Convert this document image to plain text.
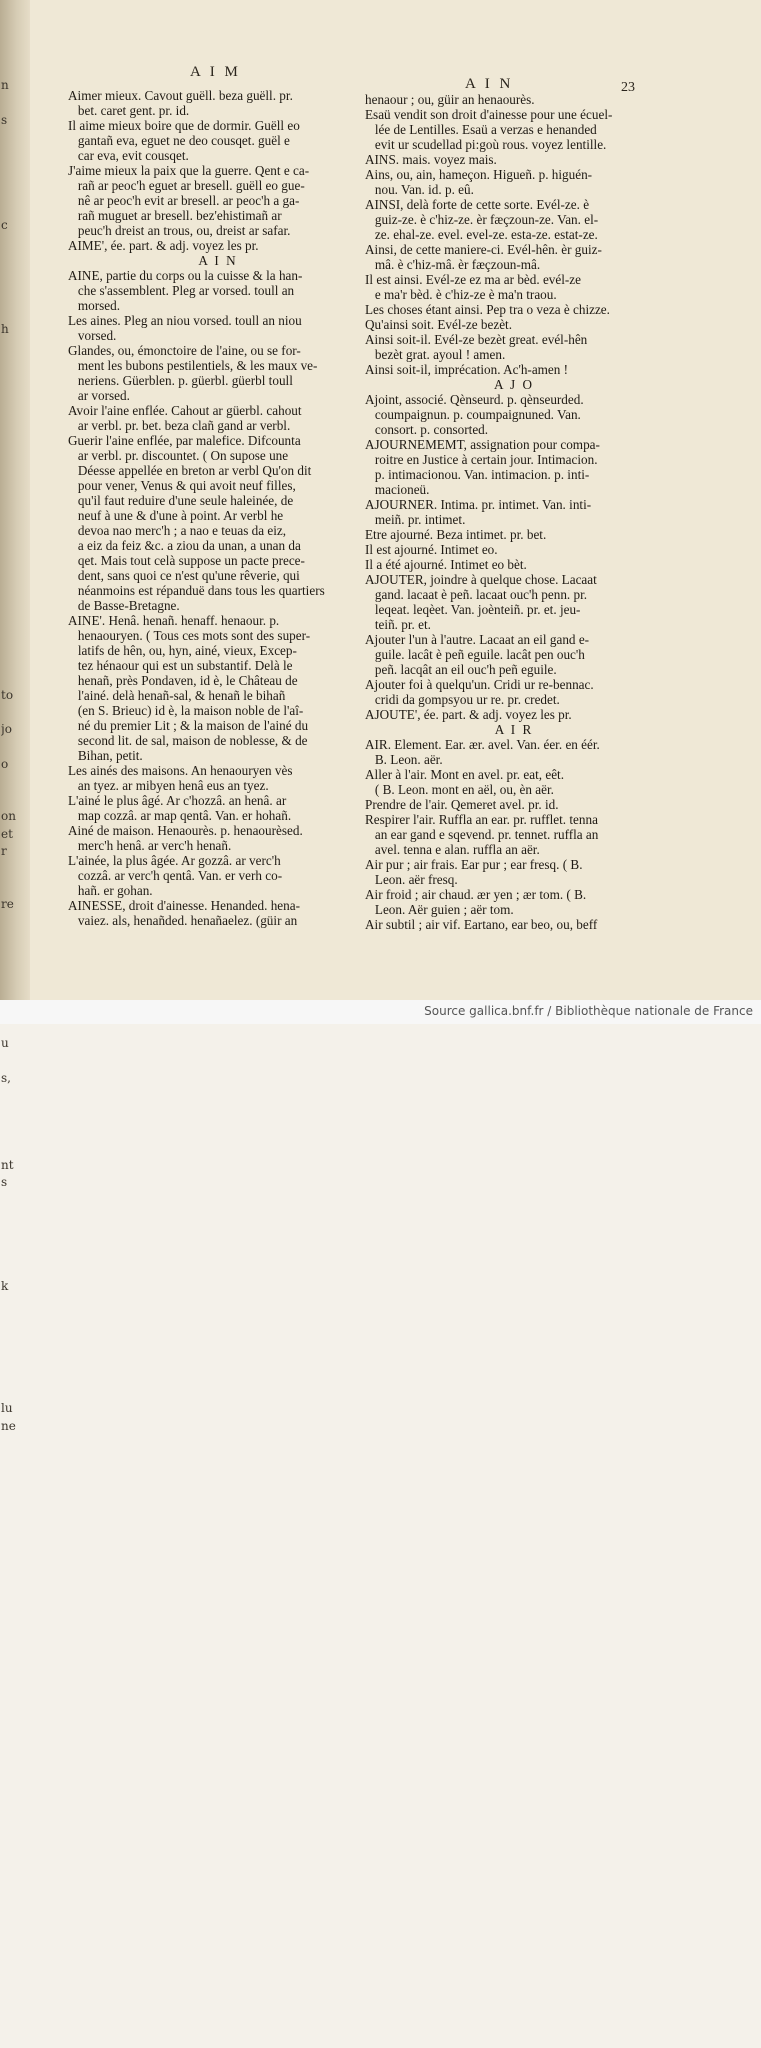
n

s

c

h

to

jo

o

on
et
r

re

u

s,

nt
s

k

lu
ne

A I M
A I N	23
Aimer mieux. Cavout guëll. beza guëll. pr.
bet. caret gent. pr. id.
Il aime mieux boire que de dormir. Guëll eo
gantañ eva, eguet ne deo cousqet. guël e
car eva, evit cousqet.
J'aime mieux la paix que la guerre. Qent e ca-
rañ ar peoc'h eguet ar bresell. guëll eo gue-
nê ar peoc'h evit ar bresell. ar peoc'h a ga-
rañ muguet ar bresell. bez'ehistimañ ar
peuc'h dreist an trous, ou, dreist ar safar.
AIME', ée. part. & adj. voyez les pr.
A I N
AINE, partie du corps ou la cuisse & la han-
che s'assemblent. Pleg ar vorsed. toull an
morsed.
Les aines. Pleg an niou vorsed. toull an niou
vorsed.
Glandes, ou, émonctoire de l'aine, ou se for-
ment les bubons pestilentiels, & les maux ve-
neriens. Güerblen. p. güerbl. güerbl toull
ar vorsed.
Avoir l'aine enflée. Cahout ar güerbl. cahout
ar verbl. pr. bet. beza clañ gand ar verbl.
Guerir l'aine enflée, par malefice. Difcounta
ar verbl. pr. discountet. ( On supose une
Déesse appellée en breton ar verbl Qu'on dit
pour vener, Venus & qui avoit neuf filles,
qu'il faut reduire d'une seule haleinée, de
neuf à une & d'une à point. Ar verbl he
devoa nao merc'h ; a nao e teuas da eiz,
a eiz da feiz &c. a ziou da unan, a unan da
qet. Mais tout celà suppose un pacte prece-
dent, sans quoi ce n'est qu'une rêverie, qui
néanmoins est répanduë dans tous les quartiers
de Basse-Bretagne.
AINE'. Henâ. henañ. henaff. henaour. p.
henaouryen. ( Tous ces mots sont des super-
latifs de hên, ou, hyn, ainé, vieux, Excep-
tez hénaour qui est un substantif. Delà le
henañ, près Pondaven, id è, le Château de
l'ainé. delà henañ-sal, & henañ le bihañ
(en S. Brieuc) id è, la maison noble de l'aî-
né du premier Lit ; & la maison de l'ainé du
second lit. de sal, maison de noblesse, & de
Bihan, petit.
Les ainés des maisons. An henaouryen vès
an tyez. ar mibyen henâ eus an tyez.
L'ainé le plus âgé. Ar c'hozzâ. an henâ. ar
map cozzâ. ar map qentâ. Van. er hohañ.
Ainé de maison. Henaourès. p. henaourèsed.
merc'h henâ. ar verc'h henañ.
L'ainée, la plus âgée. Ar gozzâ. ar verc'h
cozzâ. ar verc'h qentâ. Van. er verh co-
hañ. er gohan.
AINESSE, droit d'ainesse. Henanded. hena-
vaiez. als, henañded. henañaelez. (güir an
henaour ; ou, güir an henaourès.
Esaü vendit son droit d'ainesse pour une écuel-
lée de Lentilles. Esaü a verzas e henanded
evit ur scudellad pi:goù rous. voyez lentille.
AINS. mais. voyez mais.
Ains, ou, ain, hameçon. Higueñ. p. higuén-
nou. Van. id. p. eû.
AINSI, delà forte de cette sorte. Evél-ze. è
guiz-ze. è c'hiz-ze. èr fæçzoun-ze. Van. el-
ze. ehal-ze. evel. evel-ze. esta-ze. estat-ze.
Ainsi, de cette maniere-ci. Evél-hên. èr guiz-
mâ. è c'hiz-mâ. èr fæçzoun-mâ.
Il est ainsi. Evél-ze ez ma ar bèd. evél-ze
e ma'r bèd. è c'hiz-ze è ma'n traou.
Les choses étant ainsi. Pep tra o veza è chizze.
Qu'ainsi soit. Evél-ze bezèt.
Ainsi soit-il. Evél-ze bezèt great. evél-hên
bezèt grat. ayoul ! amen.
Ainsi soit-il, imprécation. Ac'h-amen !
A J O
Ajoint, associé. Qènseurd. p. qènseurded.
coumpaignun. p. coumpaignuned. Van.
consort. p. consorted.
AJOURNEMEMT, assignation pour compa-
roitre en Justice à certain jour. Intimacion.
p. intimacionou. Van. intimacion. p. inti-
macioneü.
AJOURNER. Intima. pr. intimet. Van. inti-
meiñ. pr. intimet.
Etre ajourné. Beza intimet. pr. bet.
Il est ajourné. Intimet eo.
Il a été ajourné. Intimet eo bèt.
AJOUTER, joindre à quelque chose. Lacaat
gand. lacaat è peñ. lacaat ouc'h penn. pr.
leqeat. leqèet. Van. joènteiñ. pr. et. jeu-
teiñ. pr. et.
Ajouter l'un à l'autre. Lacaat an eil gand e-
guile. lacât è peñ eguile. lacât pen ouc'h
peñ. lacqât an eil ouc'h peñ eguile.
Ajouter foi à quelqu'un. Cridi ur re-bennac.
cridi da gompsyou ur re. pr. credet.
AJOUTE', ée. part. & adj. voyez les pr.
A I R
AIR. Element. Ear. ær. avel. Van. éer. en éér.
B. Leon. aër.
Aller à l'air. Mont en avel. pr. eat, eêt.
( B. Leon. mont en aël, ou, èn aër.
Prendre de l'air. Qemeret avel. pr. id.
Respirer l'air. Ruffla an ear. pr. rufflet. tenna
an ear gand e sqevend. pr. tennet. ruffla an
avel. tenna e alan. ruffla an aër.
Air pur ; air frais. Ear pur ; ear fresq. ( B.
Leon. aër fresq.
Air froid ; air chaud. ær yen ; ær tom. ( B.
Leon. Aër guien ; aër tom.
Air subtil ; air vif. Eartano, ear beo, ou, beff
Source gallica.bnf.fr / Bibliothèque nationale de France
